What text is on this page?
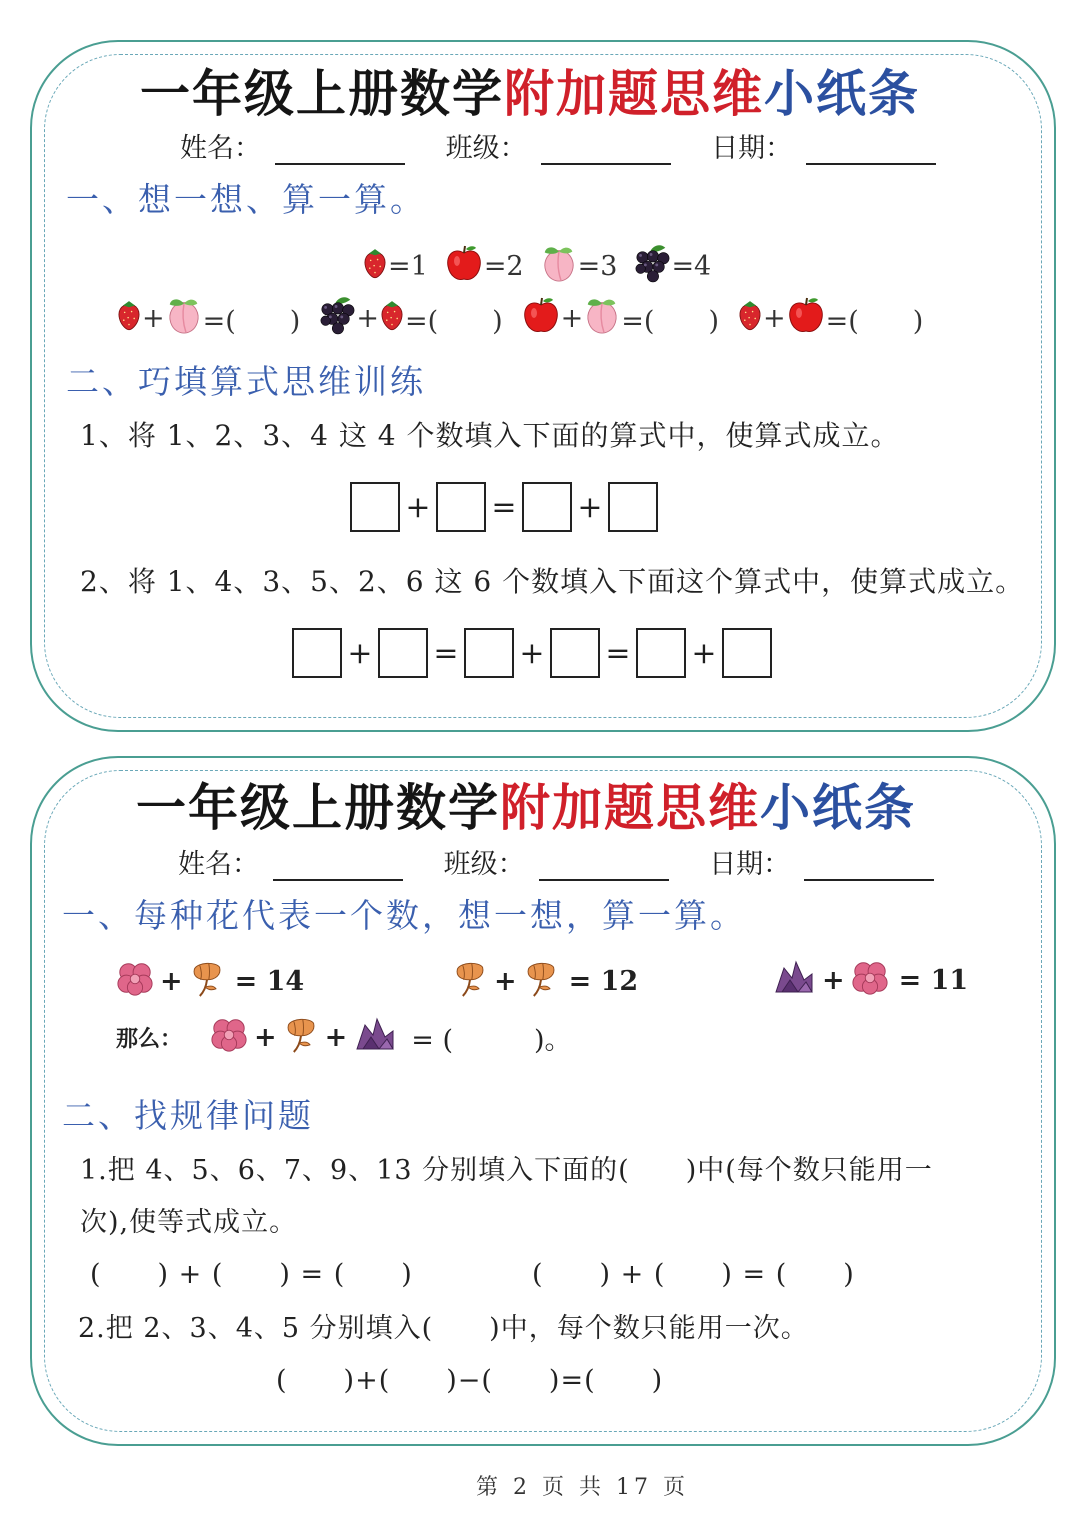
一年级上册数学附加题思维小纸条
姓名：	班级：	日期：
一、想一想、算一算。
=1 =2 =3 =4
+ =(　　) + =(　　) + =(　　) + =(　　)
二、巧填算式思维训练
1、将 1、2、3、4 这 4 个数填入下面的算式中，使算式成立。
+ = +
2、将 1、4、3、5、2、6 这 6 个数填入下面这个算式中，使算式成立。
+ = + = +
一年级上册数学附加题思维小纸条
姓名：	班级：	日期：
一、每种花代表一个数，想一想，算一算。
+ = 14	+ = 12	+ = 11
那么：	+ + = (　　　)。
二、找规律问题
1.把 4、5、6、7、9、13 分别填入下面的(　　)中(每个数只能用一
次),使等式成立。
(　　) + (　　) = (　　)	(　　) + (　　) = (　　)
2.把 2、3、4、5 分别填入(　　)中，每个数只能用一次。
(　　)+(　　)−(　　)=(　　)
第 2 页 共 17 页
